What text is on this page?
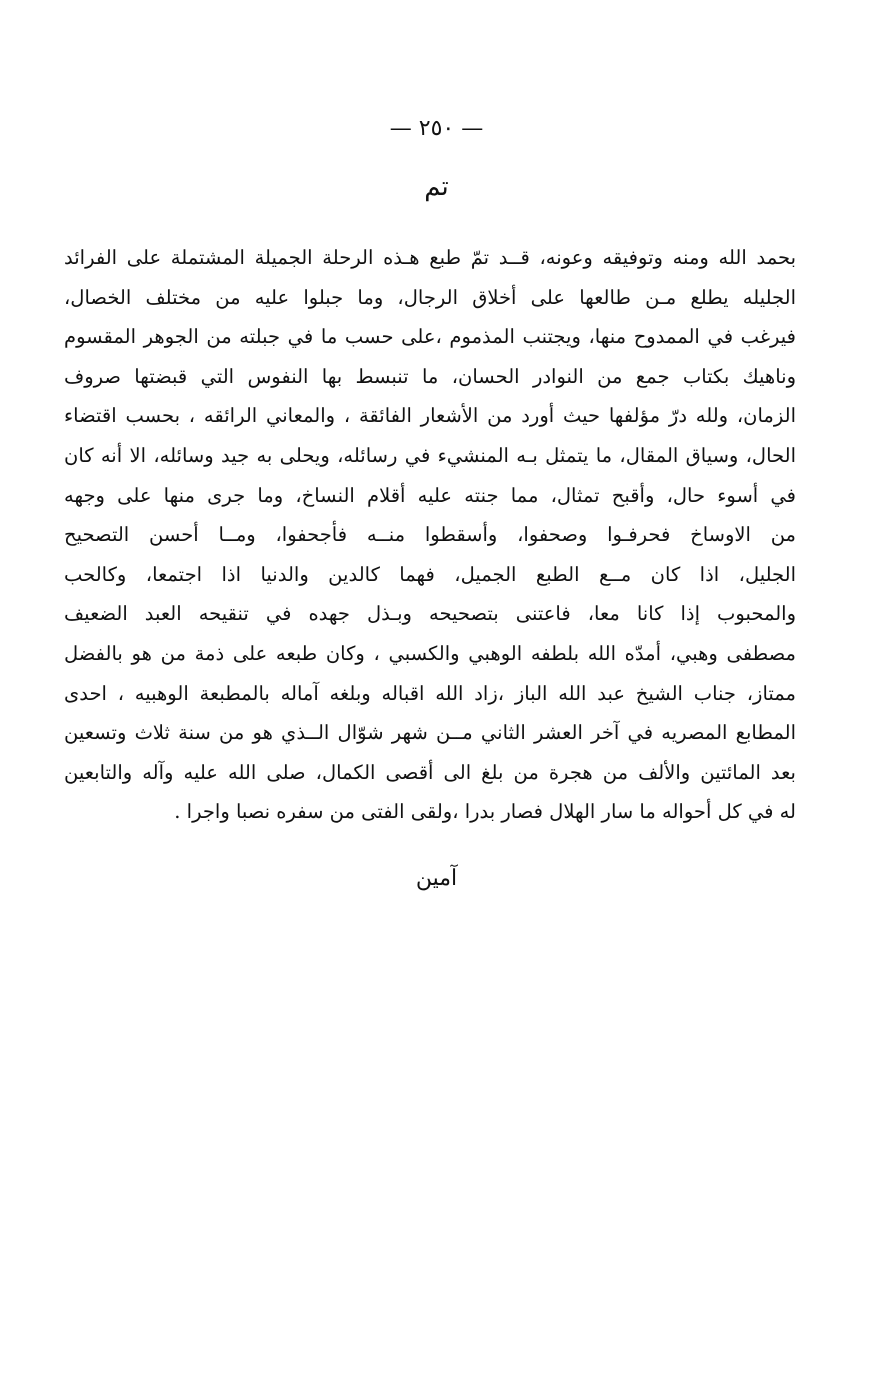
— ٢٥٠ —
تم
بحمد الله ومنه وتوفيقه وعونه، قــد تمّ طبع هـذه الرحلة الجميلة المشتملة على الفرائد
الجليله يطلع مـن طالعها على أخلاق الرجال، وما جبلوا عليه من مختلف الخصال،
فيرغب في الممدوح منها، ويجتنب المذموم ،على حسب ما في جبلته من الجوهر المقسوم
وناهيك بكتاب جمع من النوادر الحسان، ما تنبسط بها النفوس التي قبضتها صروف
الزمان، ولله درّ مؤلفها حيث أورد من الأشعار الفائقة ، والمعاني الرائقه ، بحسب اقتضاء
الحال، وسياق المقال، ما يتمثل بـه المنشيء في رسائله، ويحلى به جيد وسائله، الا أنه كان
في أسوء حال، وأقبح تمثال، مما جنته عليه أقلام النساخ، وما جرى منها على وجهه
من الاوساخ فحرفـوا وصحفوا، وأسقطوا منــه فأجحفوا، ومــا أحسن التصحيح
الجليل، اذا كان مــع الطبع الجميل، فهما كالدين والدنيا اذا اجتمعا، وكالحب
والمحبوب إذا كانا معا، فاعتنى بتصحيحه وبـذل جهده في تنقيحه العبد الضعيف
مصطفى وهبي، أمدّه الله بلطفه الوهبي والكسبي ، وكان طبعه على ذمة من هو بالفضل
ممتاز، جناب الشيخ عبد الله الباز ،زاد الله اقباله وبلغه آماله بالمطبعة الوهبيه ، احدى
المطابع المصريه في آخر العشر الثاني مــن شهر شوّال الــذي هو من سنة ثلاث وتسعين
بعد المائتين والألف من هجرة من بلغ الى أقصى الكمال، صلى الله عليه وآله والتابعين
له في كل أحواله ما سار الهلال فصار بدرا ،ولقى الفتى من سفره نصبا واجرا .
آمين
